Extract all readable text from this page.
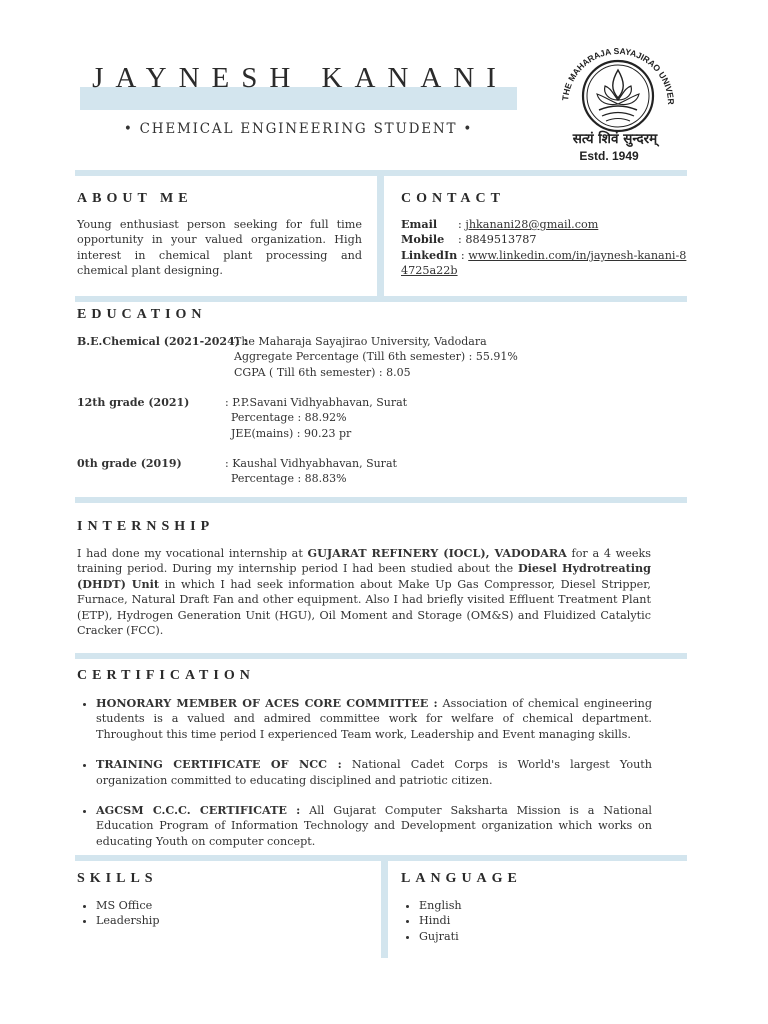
JAYNESH KANANI
• CHEMICAL ENGINEERING STUDENT •
THE MAHARAJA SAYAJIRAO UNIVER
सत्यं शिवं सुन्दरम्
Estd. 1949
ABOUT ME
Young enthusiast person seeking for full time opportunity in your valued organization. High interest in chemical plant processing and chemical plant designing.
CONTACT
Email	:
jhkanani28@gmail.com
Mobile	:
8849513787
LinkedIn : www.linkedin.com/in/jaynesh-kanani-84725a22b
EDUCATION
B.E.Chemical (2021-2024) :
The Maharaja Sayajirao University, Vadodara
Aggregate Percentage (Till 6th semester) : 55.91%
CGPA ( Till 6th semester) : 8.05
12th grade (2021)	: P.P.Savani Vidhyabhavan, Surat
Percentage : 88.92%
JEE(mains) : 90.23 pr
0th grade (2019)	: Kaushal Vidhyabhavan, Surat
Percentage : 88.83%
INTERNSHIP
I had done my vocational internship at GUJARAT REFINERY (IOCL), VADODARA for a 4 weeks training period. During my internship period I had been studied about the Diesel Hydrotreating (DHDT) Unit in which I had seek information about Make Up Gas Compressor, Diesel Stripper, Furnace, Natural Draft Fan and other equipment. Also I had briefly visited Effluent Treatment Plant (ETP), Hydrogen Generation Unit (HGU), Oil Moment and Storage (OM&S) and Fluidized Catalytic Cracker (FCC).
CERTIFICATION
• HONORARY MEMBER OF ACES CORE COMMITTEE : Association of chemical engineering students is a valued and admired committee work for welfare of chemical department. Throughout this time period I experienced Team work, Leadership and Event managing skills.
• TRAINING CERTIFICATE OF NCC : National Cadet Corps is World's largest Youth organization committed to educating disciplined and patriotic citizen.
• AGCSM C.C.C. CERTIFICATE : All Gujarat Computer Saksharta Mission is a National Education Program of Information Technology and Development organization which works on educating Youth on computer concept.
SKILLS
• MS Office
• Leadership
LANGUAGE
• English
• Hindi
• Gujrati
